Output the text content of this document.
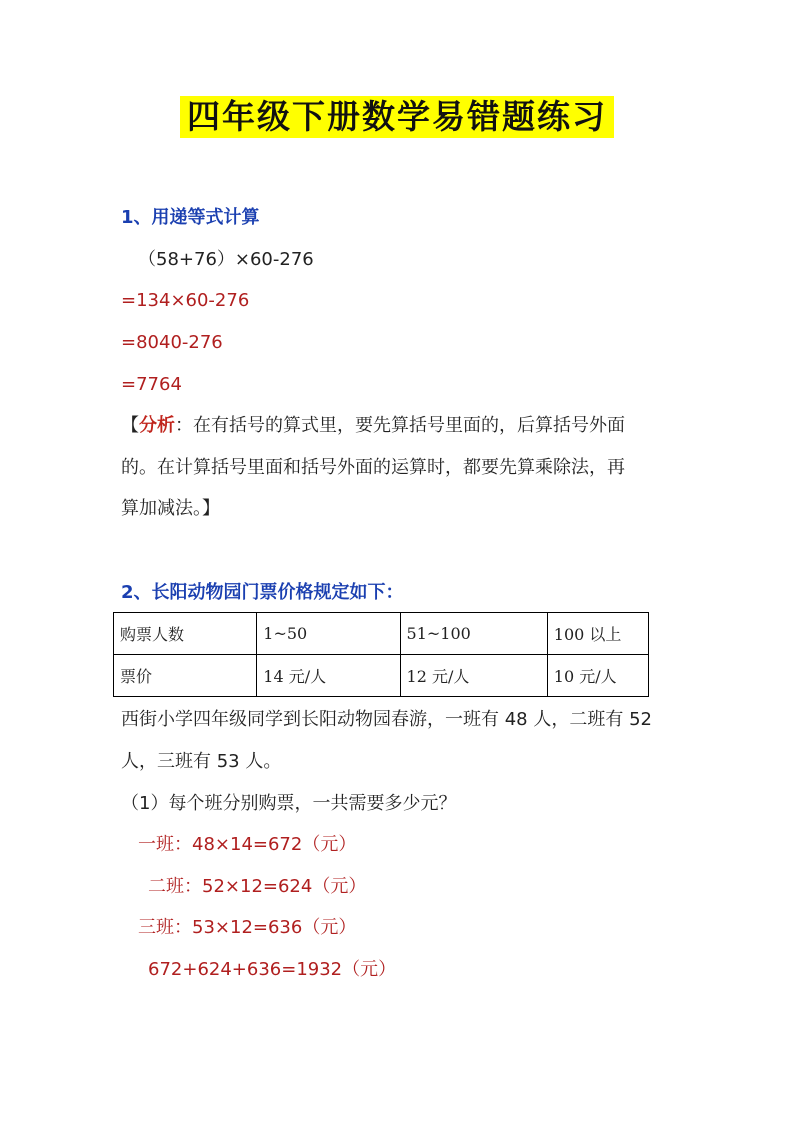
四年级下册数学易错题练习
1、用递等式计算
（58+76）×60-276
=134×60-276
=8040-276
=7764
【分析：在有括号的算式里，要先算括号里面的，后算括号外面
的。在计算括号里面和括号外面的运算时，都要先算乘除法，再
算加减法。】
2、长阳动物园门票价格规定如下：
购票人数	1~50	51~100	100 以上
票价	14 元/人	12 元/人	10 元/人
西街小学四年级同学到长阳动物园春游，一班有 48 人，二班有 52
人，三班有 53 人。
（1）每个班分别购票，一共需要多少元？
一班：48×14=672（元）
二班：52×12=624（元）
三班：53×12=636（元）
672+624+636=1932（元）
